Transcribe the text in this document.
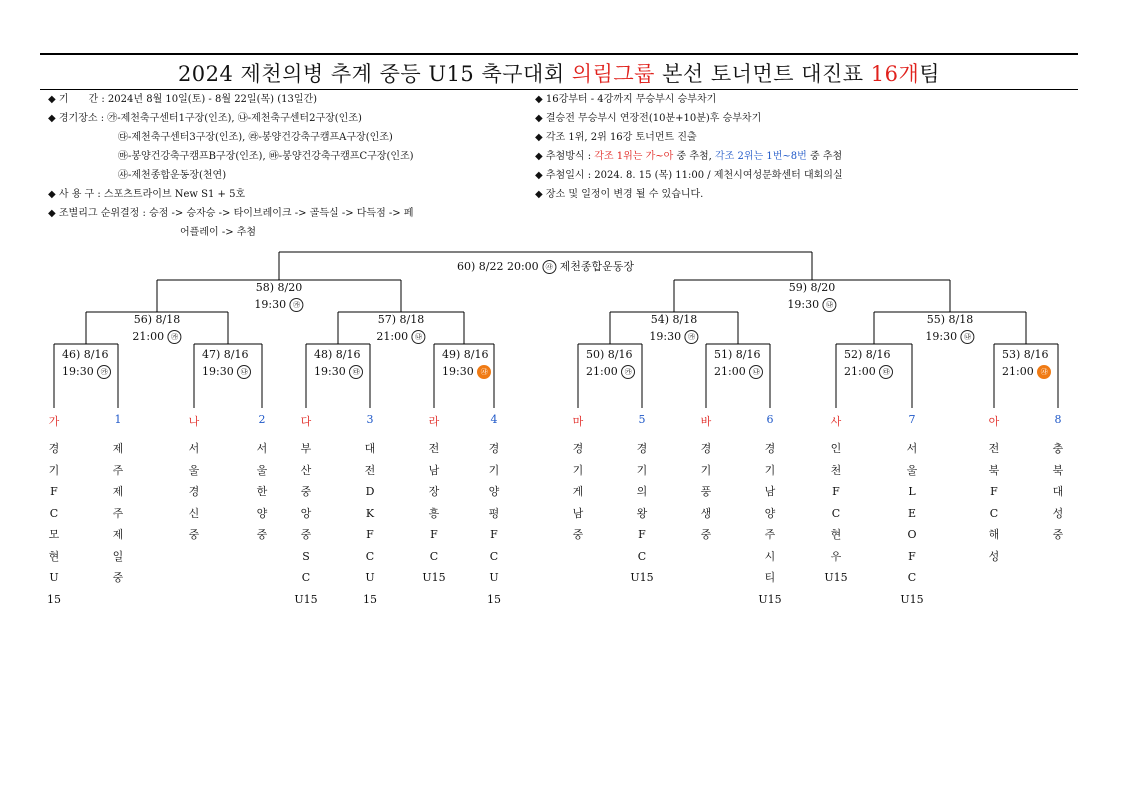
2024 제천의병 추계 중등 U15 축구대회 의림그룹 본선 토너먼트 대진표 16개팀
◆ 기　　간 : 2024년 8월 10일(토) - 8월 22일(목) (13일간)
◆ 경기장소 : ㉮-제천축구센터1구장(인조), ㉯-제천축구센터2구장(인조)
㉰-제천축구센터3구장(인조), ㉱-봉양건강축구캠프A구장(인조)
㉲-봉양건강축구캠프B구장(인조), ㉳-봉양건강축구캠프C구장(인조)
㉴-제천종합운동장(천연)
◆ 사 용 구 : 스포츠트라이브 New S1 + 5호
◆ 조별리그 순위결정 : 승점 -> 승자승 -> 타이브레이크 -> 골득실 -> 다득점 -> 페
어플레이 -> 추첨
◆ 16강부터 - 4강까지 무승부시 승부차기
◆ 결승전 무승부시 연장전(10분+10분)후 승부차기
◆ 각조 1위, 2위 16강 토너먼트 진출
◆ 추첨방식 : 각조 1위는 가~아 중 추첨, 각조 2위는 1번~8번 중 추첨
◆ 추첨일시 : 2024. 8. 15 (목) 11:00 / 제천시여성문화센터 대회의실
◆ 장소 및 일정이 변경 될 수 있습니다.
46) 8/16
19:30 ㉮
47) 8/16
19:30 ㉯
48) 8/16
19:30 ㉰
49) 8/16
19:30 ㉴
50) 8/16
21:00 ㉮
51) 8/16
21:00 ㉯
52) 8/16
21:00 ㉰
53) 8/16
21:00 ㉴
56) 8/18
21:00 ㉮
57) 8/18
21:00 ㉯
54) 8/18
19:30 ㉮
55) 8/18
19:30 ㉯
58) 8/20
19:30 ㉮
59) 8/20
19:30 ㉯
60) 8/22 20:00 ㉴ 제천종합운동장
가
경
기
F
C
모
현
U
15
1
제
주
제
주
제
일
중
나
서
울
경
신
중
2
서
울
한
양
중
다
부
산
중
앙
중
S
C
U15
3
대
전
D
K
F
C
U
15
라
전
남
장
흥
F
C
U15
4
경
기
양
평
F
C
U
15
마
경
기
게
남
중
5
경
기
의
왕
F
C
U15
바
경
기
풍
생
중
6
경
기
남
양
주
시
티
U15
사
인
천
F
C
현
우
U15
7
서
울
L
E
O
F
C
U15
아
전
북
F
C
해
성
8
충
북
대
성
중
